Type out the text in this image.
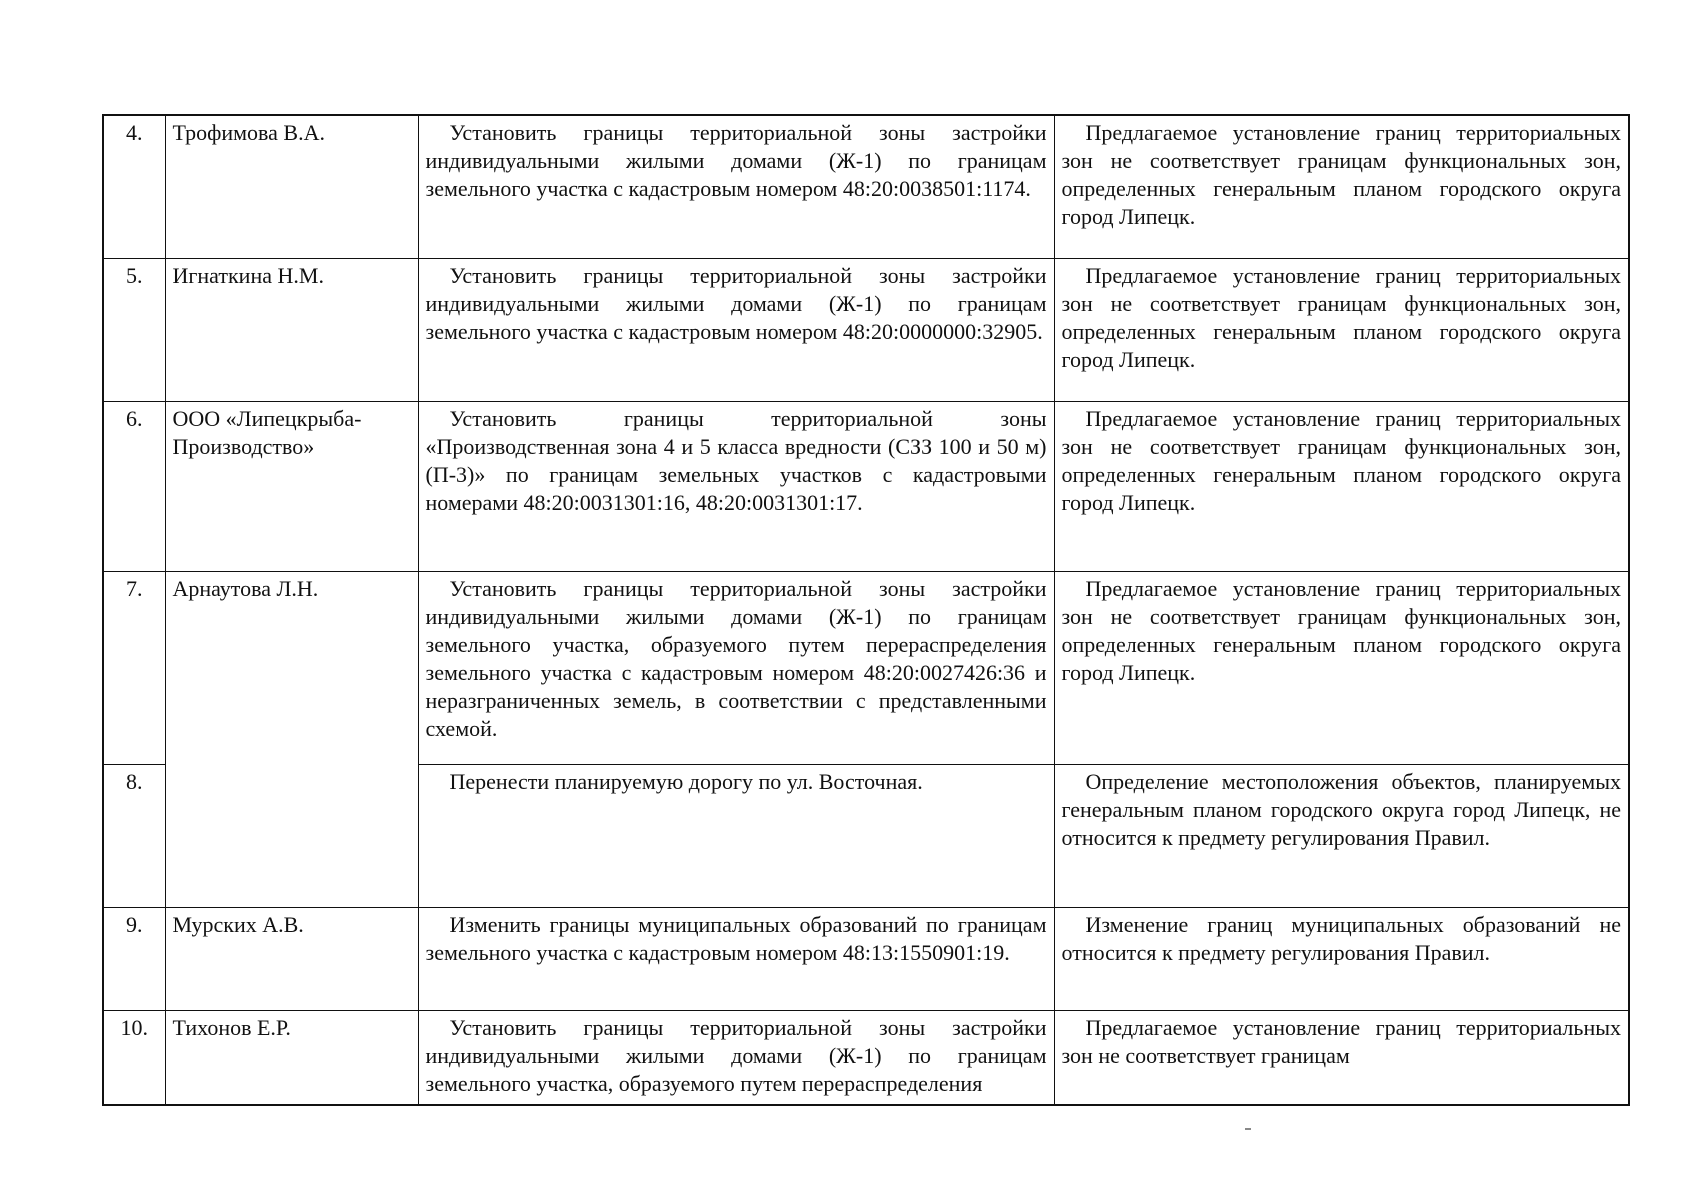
4.	Трофимова В.А.	Установить границы территориальной зоны застройки индивидуальными жилыми домами (Ж-1) по границам земельного участка с кадастровым номером 48:20:0038501:1174.	Предлагаемое установление границ территориальных зон не соответствует границам функциональных зон, определенных генеральным планом городского округа город Липецк.
5.	Игнаткина Н.М.	Установить границы территориальной зоны застройки индивидуальными жилыми домами (Ж-1) по границам земельного участка с кадастровым номером 48:20:0000000:32905.	Предлагаемое установление границ территориальных зон не соответствует границам функциональных зон, определенных генеральным планом городского округа город Липецк.
6.	ООО «Липецкрыба-Производство»	Установить границы территориальной зоны «Производственная зона 4 и 5 класса вредности (СЗЗ 100 и 50 м) (П-3)» по границам земельных участков с кадастровыми номерами 48:20:0031301:16, 48:20:0031301:17.	Предлагаемое установление границ территориальных зон не соответствует границам функциональных зон, определенных генеральным планом городского округа город Липецк.
7.	Арнаутова Л.Н.	Установить границы территориальной зоны застройки индивидуальными жилыми домами (Ж-1) по границам земельного участка, образуемого путем перераспределения земельного участка с кадастровым номером 48:20:0027426:36 и неразграниченных земель, в соответствии с представленными схемой.	Предлагаемое установление границ территориальных зон не соответствует границам функциональных зон, определенных генеральным планом городского округа город Липецк.
8.		Перенести планируемую дорогу по ул. Восточная.	Определение местоположения объектов, планируемых генеральным планом городского округа город Липецк, не относится к предмету регулирования Правил.
9.	Мурских А.В.	Изменить границы муниципальных образований по границам земельного участка с кадастровым номером 48:13:1550901:19.	Изменение границ муниципальных образований не относится к предмету регулирования Правил.
10.	Тихонов Е.Р.	Установить границы территориальной зоны застройки индивидуальными жилыми домами (Ж-1) по границам земельного участка, образуемого путем перераспределения	Предлагаемое установление границ территориальных зон не соответствует границам
